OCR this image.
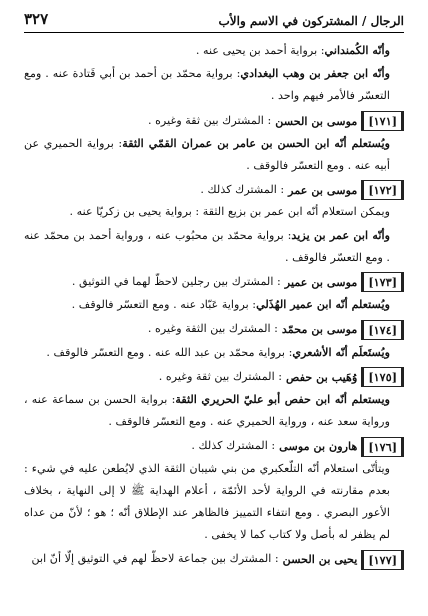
الرجال / المشتركون في الاسم والأب
٣٢٧

وأنّه الكُمنداني: برواية أحمد بن يحيى عنه .

وأنّه ابن جعفر بن وهب البغدادي: برواية محمّد بن أحمد بن أبي قَتادة عنه . ومع التعسّر فالأمر فيهم واحد .

[١٧١]
موسى بن الحسن
: المشترك بين ثقة وغيره .

ويُستعلم أنّه ابن الحسن بن عامر بن عمران القمّي الثقة: برواية الحميري عن أبيه عنه . ومع التعسّر فالوقف .

[١٧٢]
موسى بن عمر
: المشترك كذلك .

ويمكن استعلام أنّه ابن عمر بن بزيع الثقة : برواية يحيى بن زكريّا عنه .

وأنّه ابن عمر بن يزيد: برواية محمّد بن محبُوب عنه ، ورواية أحمد بن محمّد عنه . ومع التعسّر فالوقف .

[١٧٣]
موسى بن عمير
: المشترك بين رجلين لاحظّ لهما في التوثيق .

ويُستعلم أنّه ابن عمير الهُذَلي: برواية عَبّاد عنه . ومع التعسّر فالوقف .

[١٧٤]
موسى بن محمّد
: المشترك بين الثقة وغيره .

ويُستَعلَم أنّه الأشعري: برواية محمّد بن عبد الله عنه . ومع التعسّر فالوقف .

[١٧٥]
وُهَيب بن حفص
: المشترك بين ثقة وغيره .

ويستعلم أنّه ابن حفص أبو عليّ الحريري الثقة: برواية الحسن بن سماعة عنه ، ورواية سعد عنه ، ورواية الحميري عنه . ومع التعسّر فالوقف .

[١٧٦]
هارون بن موسى
: المشترك كذلك .

ويتأتّى استعلام أنّه التلّعكبري من بني شيبان الثقة الذي لايُطعن عليه في شيء : بعدم مقارنته في الرواية لأحد الأئمّة ، أعلام الهداية ﷺ لا إلى النهاية ، بخلاف الأعور البصري . ومع انتفاء التمييز فالظاهر عند الإطلاق أنّه ؛ هو ؛ لأنّ من عداه لم يظفر له بأصل ولا كتاب كما لا يخفى .

[١٧٧]
يحيى بن الحسن
: المشترك بين جماعة لاحظّ لهم في التوثيق إلّا أنّ ابن
